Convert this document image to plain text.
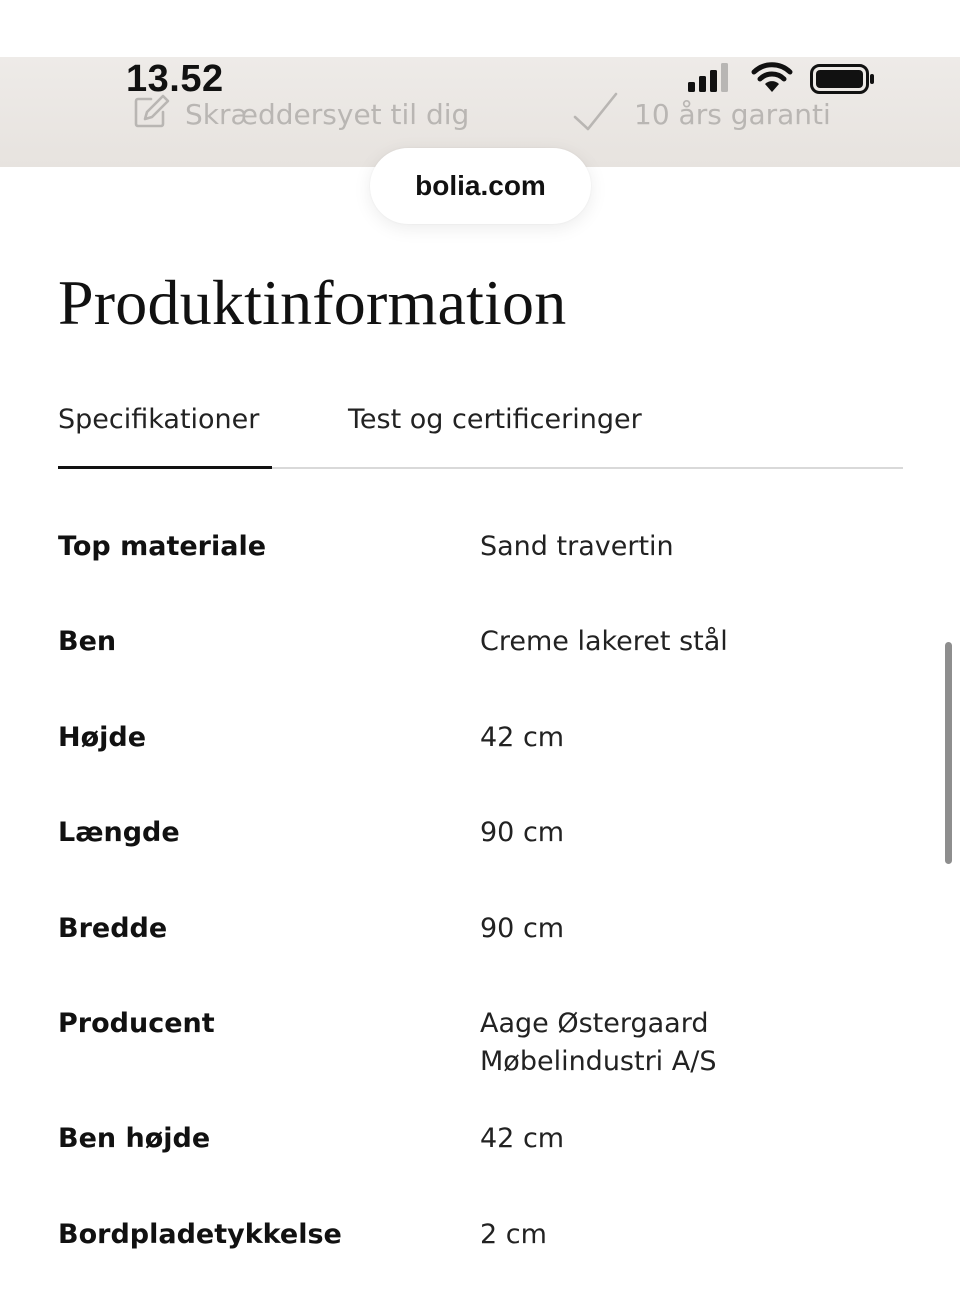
13.52
Skræddersyet til dig	10 års garanti
bolia.com
Produktinformation
Specifikationer	Test og certificeringer
Top materiale	Sand travertin
Ben	Creme lakeret stål
Højde	42 cm
Længde	90 cm
Bredde	90 cm
Producent	Aage Østergaard Møbelindustri A/S
Ben højde	42 cm
Bordpladetykkelse	2 cm
